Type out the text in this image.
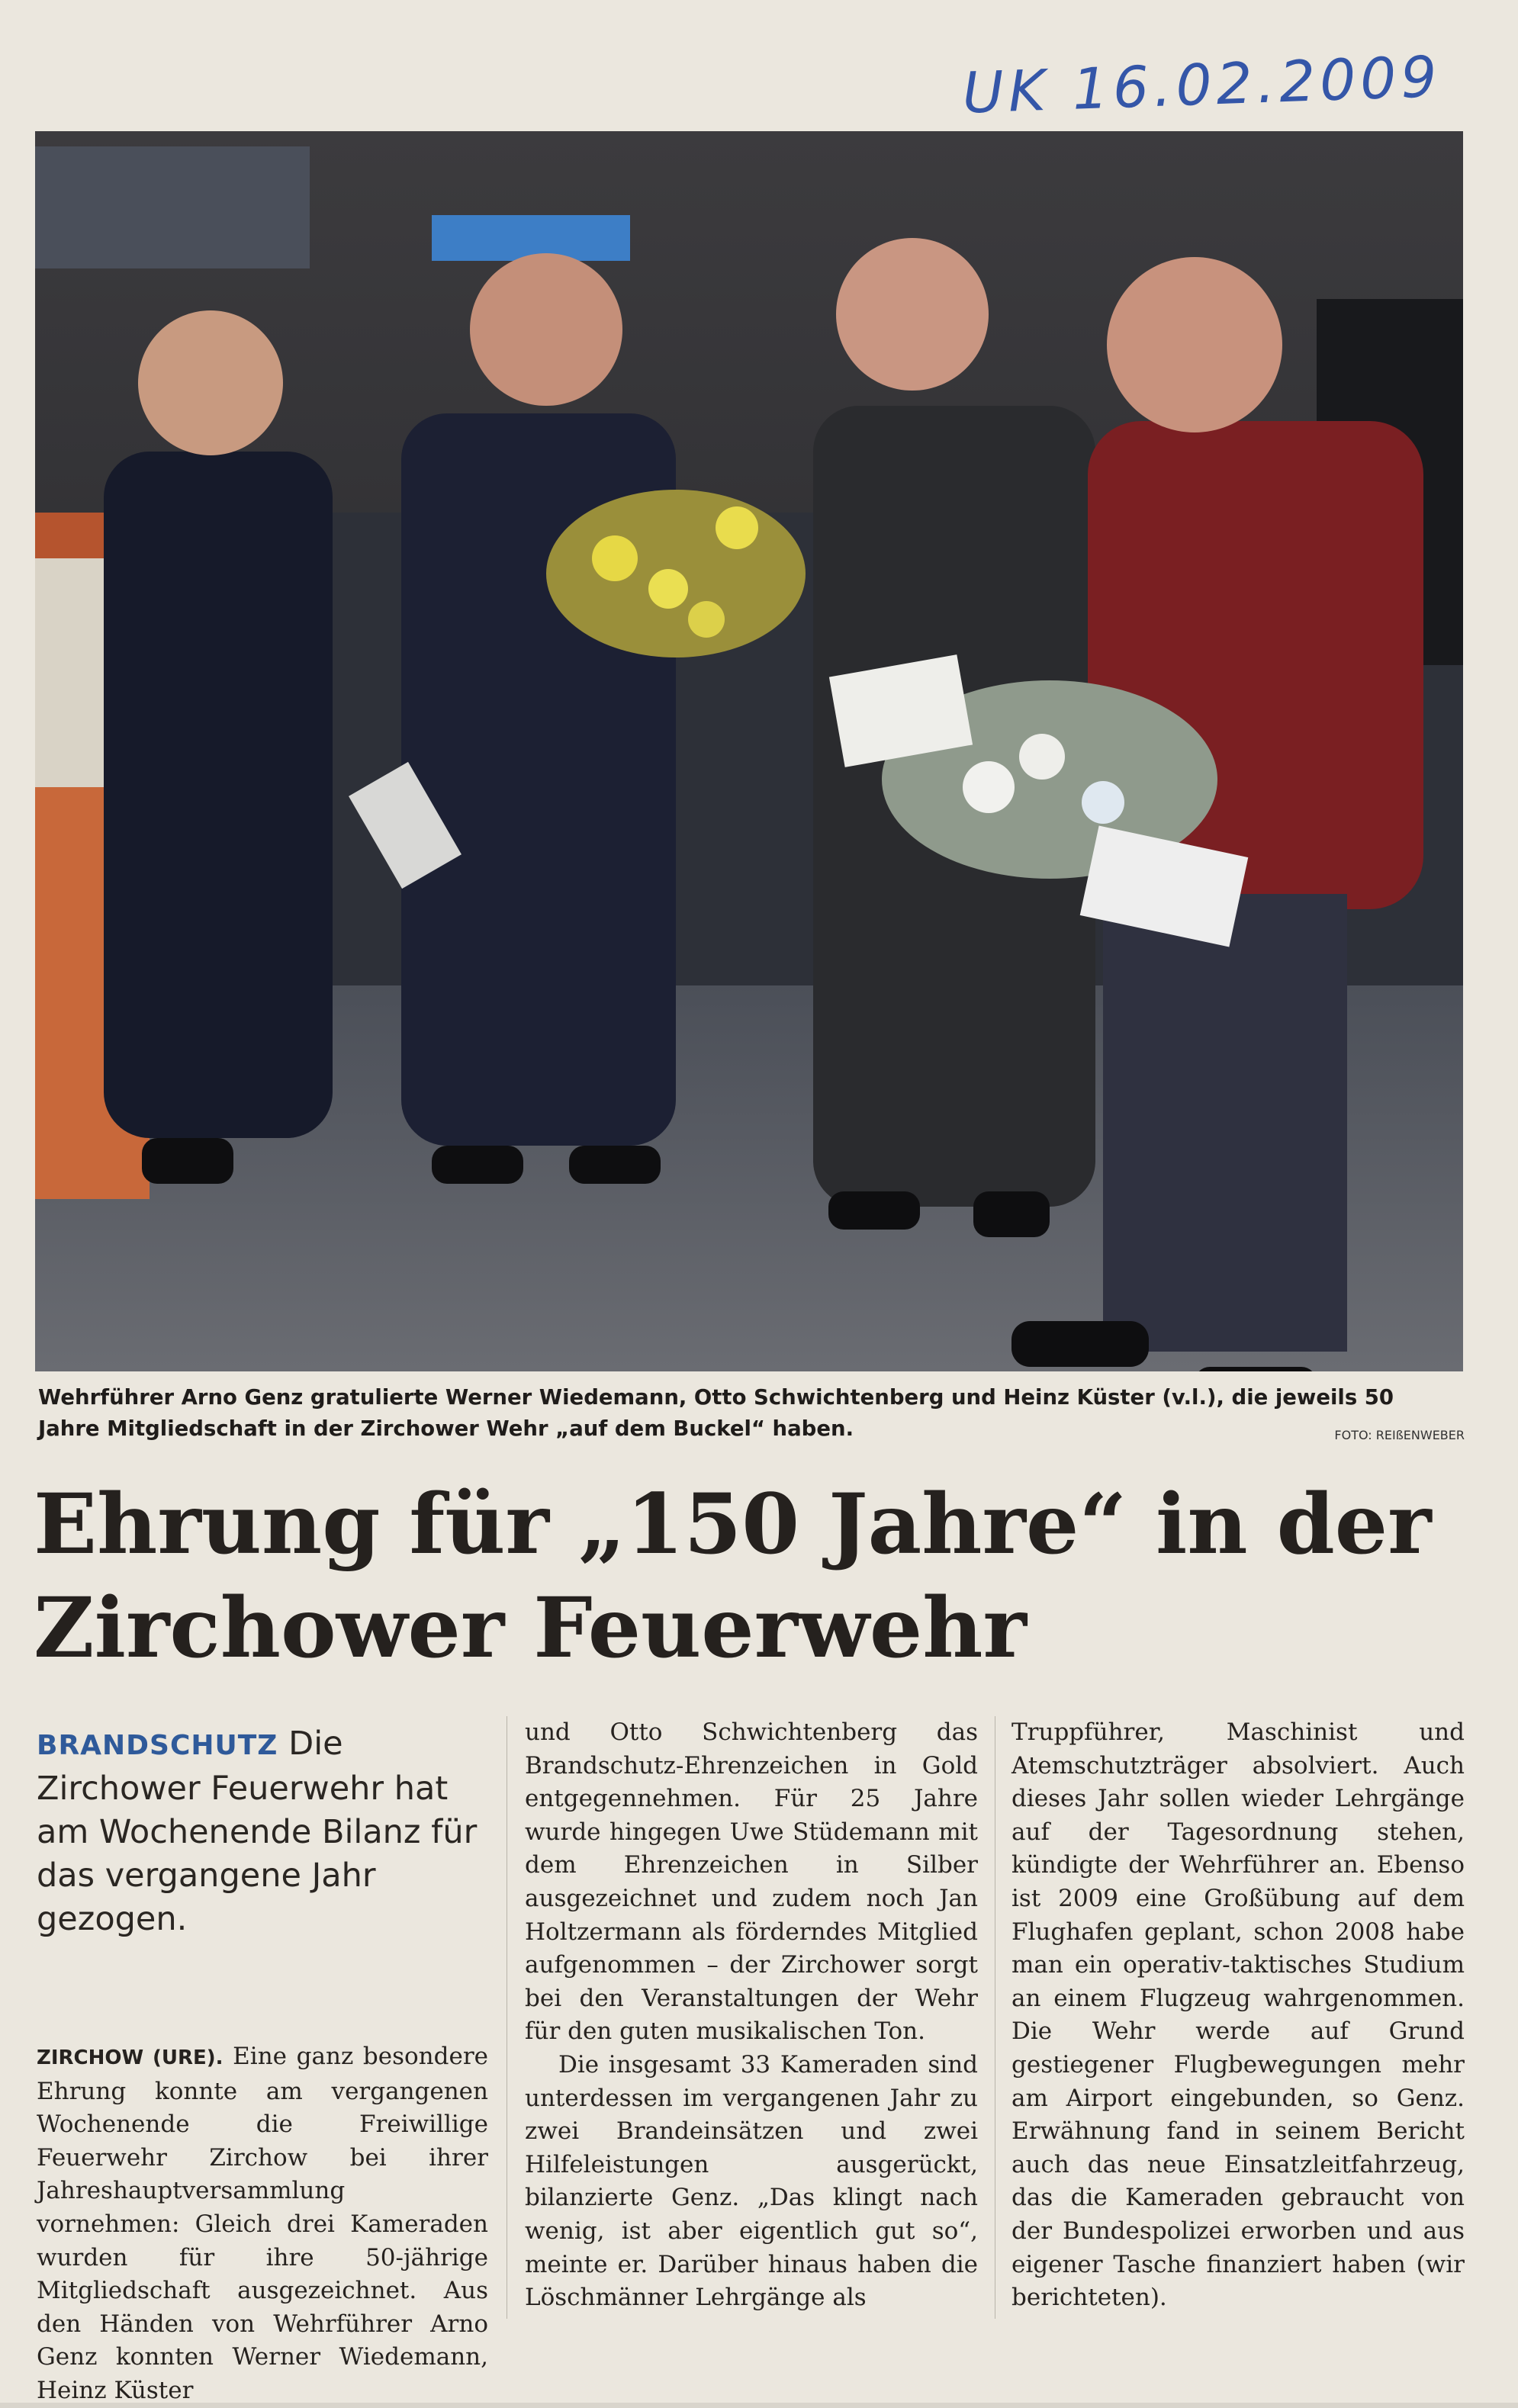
UK 16.02.2009
Wehrführer Arno Genz gratulierte Werner Wiedemann, Otto Schwichtenberg und Heinz Küster (v.l.), die jeweils 50 Jahre Mitgliedschaft in der Zirchower Wehr „auf dem Buckel“ haben.	FOTO: REIßENWEBER
Ehrung für „150 Jahre“ in der Zirchower Feuerwehr

BRANDSCHUTZ Die Zirchower Feuerwehr hat am Wochenende Bilanz für das vergangene Jahr gezogen.

ZIRCHOW (URE). Eine ganz besondere Ehrung konnte am vergangenen Wochenende die Freiwillige Feuerwehr Zirchow bei ihrer Jahreshauptversammlung vornehmen: Gleich drei Kameraden wurden für ihre 50-jährige Mitgliedschaft ausgezeichnet. Aus den Händen von Wehrführer Arno Genz konnten Werner Wiedemann, Heinz Küster

und Otto Schwichtenberg das Brandschutz-Ehrenzeichen in Gold entgegennehmen. Für 25 Jahre wurde hingegen Uwe Stüdemann mit dem Ehrenzeichen in Silber ausgezeichnet und zudem noch Jan Holtzermann als förderndes Mitglied aufgenommen – der Zirchower sorgt bei den Veranstaltungen der Wehr für den guten musikalischen Ton.

Die insgesamt 33 Kameraden sind unterdessen im vergangenen Jahr zu zwei Brandeinsätzen und zwei Hilfeleistungen ausgerückt, bilanzierte Genz. „Das klingt nach wenig, ist aber eigentlich gut so“, meinte er. Darüber hinaus haben die Löschmänner Lehrgänge als

Truppführer, Maschinist und Atemschutzträger absolviert. Auch dieses Jahr sollen wieder Lehrgänge auf der Tagesordnung stehen, kündigte der Wehrführer an. Ebenso ist 2009 eine Großübung auf dem Flughafen geplant, schon 2008 habe man ein operativ-taktisches Studium an einem Flugzeug wahrgenommen. Die Wehr werde auf Grund gestiegener Flugbewegungen mehr am Airport eingebunden, so Genz. Erwähnung fand in seinem Bericht auch das neue Einsatzleitfahrzeug, das die Kameraden gebraucht von der Bundespolizei erworben und aus eigener Tasche finanziert haben (wir berichteten).
